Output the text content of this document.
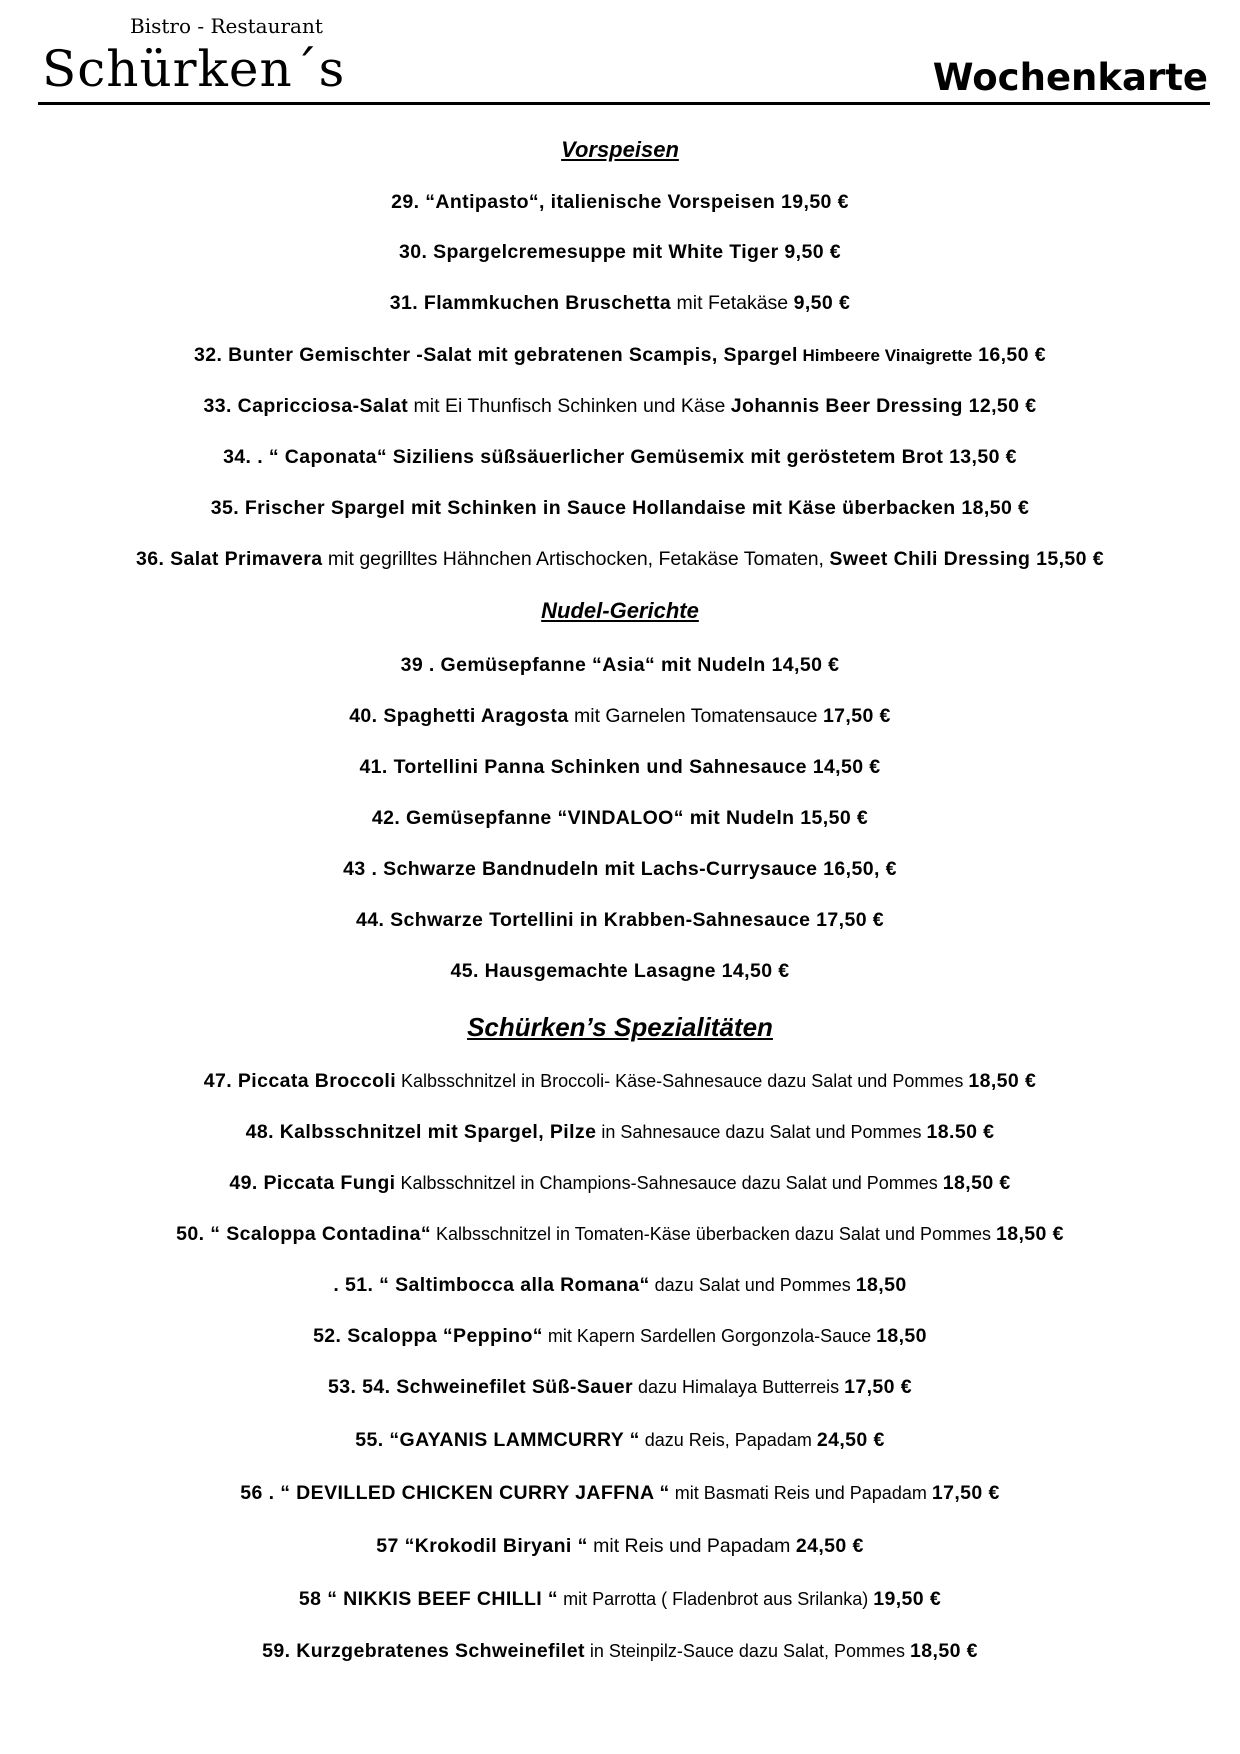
Bistro - Restaurant
Schürken´s	Wochenkarte
Vorspeisen
29. “Antipasto“, italienische Vorspeisen 19,50 €
30. Spargelcremesuppe mit White Tiger 9,50 €
31. Flammkuchen Bruschetta mit Fetakäse 9,50 €
32. Bunter Gemischter -Salat mit gebratenen Scampis, Spargel Himbeere Vinaigrette 16,50 €
33. Capricciosa-Salat mit Ei Thunfisch Schinken und Käse Johannis Beer Dressing 12,50 €
34. . “ Caponata“ Siziliens süßsäuerlicher Gemüsemix mit geröstetem Brot 13,50 €
35. Frischer Spargel mit Schinken in Sauce Hollandaise mit Käse überbacken 18,50 €
36. Salat Primavera mit gegrilltes Hähnchen Artischocken, Fetakäse Tomaten, Sweet Chili Dressing 15,50 €
Nudel-Gerichte
39 . Gemüsepfanne “Asia“ mit Nudeln 14,50 €
40. Spaghetti Aragosta mit Garnelen Tomatensauce 17,50 €
41. Tortellini Panna Schinken und Sahnesauce 14,50 €
42. Gemüsepfanne “VINDALOO“ mit Nudeln 15,50 €
43 . Schwarze Bandnudeln mit Lachs-Currysauce 16,50, €
44. Schwarze Tortellini in Krabben-Sahnesauce 17,50 €
45. Hausgemachte Lasagne 14,50 €
Schürken’s Spezialitäten
47. Piccata Broccoli Kalbsschnitzel in Broccoli- Käse-Sahnesauce dazu Salat und Pommes 18,50 €
48. Kalbsschnitzel mit Spargel, Pilze in Sahnesauce dazu Salat und Pommes 18.50 €
49. Piccata Fungi Kalbsschnitzel in Champions-Sahnesauce dazu Salat und Pommes 18,50 €
50. “ Scaloppa Contadina“ Kalbsschnitzel in Tomaten-Käse überbacken dazu Salat und Pommes 18,50 €
. 51. “ Saltimbocca alla Romana“ dazu Salat und Pommes 18,50
52. Scaloppa “Peppino“ mit Kapern Sardellen Gorgonzola-Sauce 18,50
53. 54. Schweinefilet Süß-Sauer dazu Himalaya Butterreis 17,50 €
55. “GAYANIS LAMMCURRY “ dazu Reis, Papadam 24,50 €
56 . “ DEVILLED CHICKEN CURRY JAFFNA “ mit Basmati Reis und Papadam 17,50 €
57 “Krokodil Biryani “ mit Reis und Papadam 24,50 €
58 “ NIKKIS BEEF CHILLI “ mit Parrotta ( Fladenbrot aus Srilanka) 19,50 €
59. Kurzgebratenes Schweinefilet in Steinpilz-Sauce dazu Salat, Pommes 18,50 €
